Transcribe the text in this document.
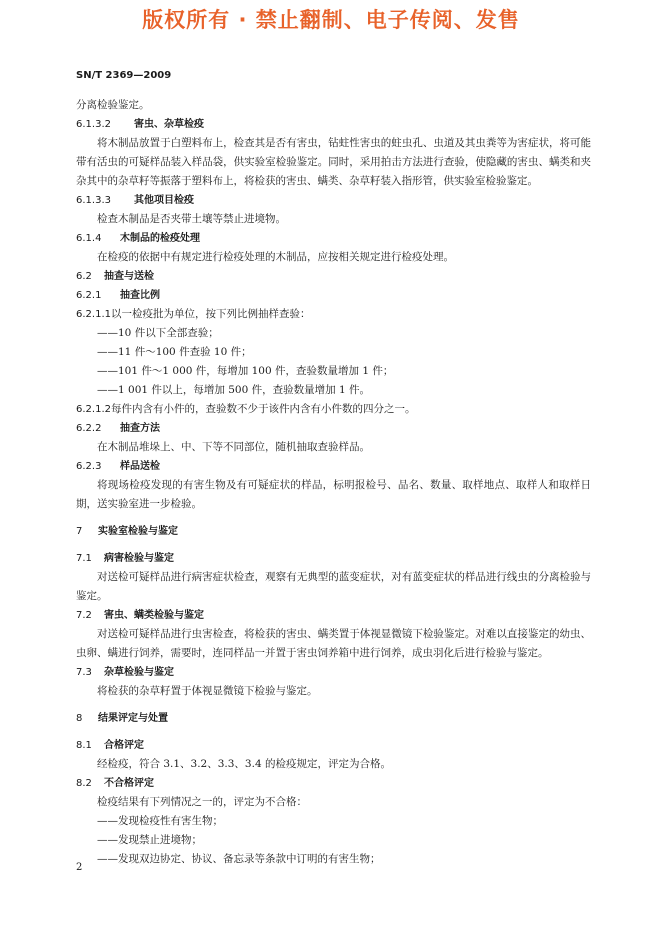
版权所有 · 禁止翻制、电子传阅、发售
SN/T 2369—2009
分离检验鉴定。
6.1.3.2 害虫、杂草检疫
将木制品放置于白塑料布上，检查其是否有害虫，钻蛀性害虫的蛀虫孔、虫道及其虫粪等为害症状，将可能带有活虫的可疑样品装入样品袋，供实验室检验鉴定。同时，采用拍击方法进行查验，使隐藏的害虫、螨类和夹杂其中的杂草籽等振落于塑料布上，将检获的害虫、螨类、杂草籽装入指形管，供实验室检验鉴定。
6.1.3.3 其他项目检疫
检查木制品是否夹带土壤等禁止进境物。
6.1.4 木制品的检疫处理
在检疫的依据中有规定进行检疫处理的木制品，应按相关规定进行检疫处理。
6.2 抽查与送检
6.2.1 抽查比例
6.2.1.1以一检疫批为单位，按下列比例抽样查验：
——10 件以下全部查验；
——11 件～100 件查验 10 件；
——101 件～1 000 件，每增加 100 件，查验数量增加 1 件；
——1 001 件以上，每增加 500 件，查验数量增加 1 件。
6.2.1.2每件内含有小件的，查验数不少于该件内含有小件数的四分之一。
6.2.2 抽查方法
在木制品堆垛上、中、下等不同部位，随机抽取查验样品。
6.2.3 样品送检
将现场检疫发现的有害生物及有可疑症状的样品，标明报检号、品名、数量、取样地点、取样人和取样日期，送实验室进一步检验。
7 实验室检验与鉴定
7.1 病害检验与鉴定
对送检可疑样品进行病害症状检查，观察有无典型的蓝变症状，对有蓝变症状的样品进行线虫的分离检验与鉴定。
7.2 害虫、螨类检验与鉴定
对送检可疑样品进行虫害检查，将检获的害虫、螨类置于体视显微镜下检验鉴定。对难以直接鉴定的幼虫、虫卵、螨进行饲养，需要时，连同样品一并置于害虫饲养箱中进行饲养，成虫羽化后进行检验与鉴定。
7.3 杂草检验与鉴定
将检获的杂草籽置于体视显微镜下检验与鉴定。
8 结果评定与处置
8.1 合格评定
经检疫，符合 3.1、3.2、3.3、3.4 的检疫规定，评定为合格。
8.2 不合格评定
检疫结果有下列情况之一的，评定为不合格：
——发现检疫性有害生物；
——发现禁止进境物；
——发现双边协定、协议、备忘录等条款中订明的有害生物；
2
